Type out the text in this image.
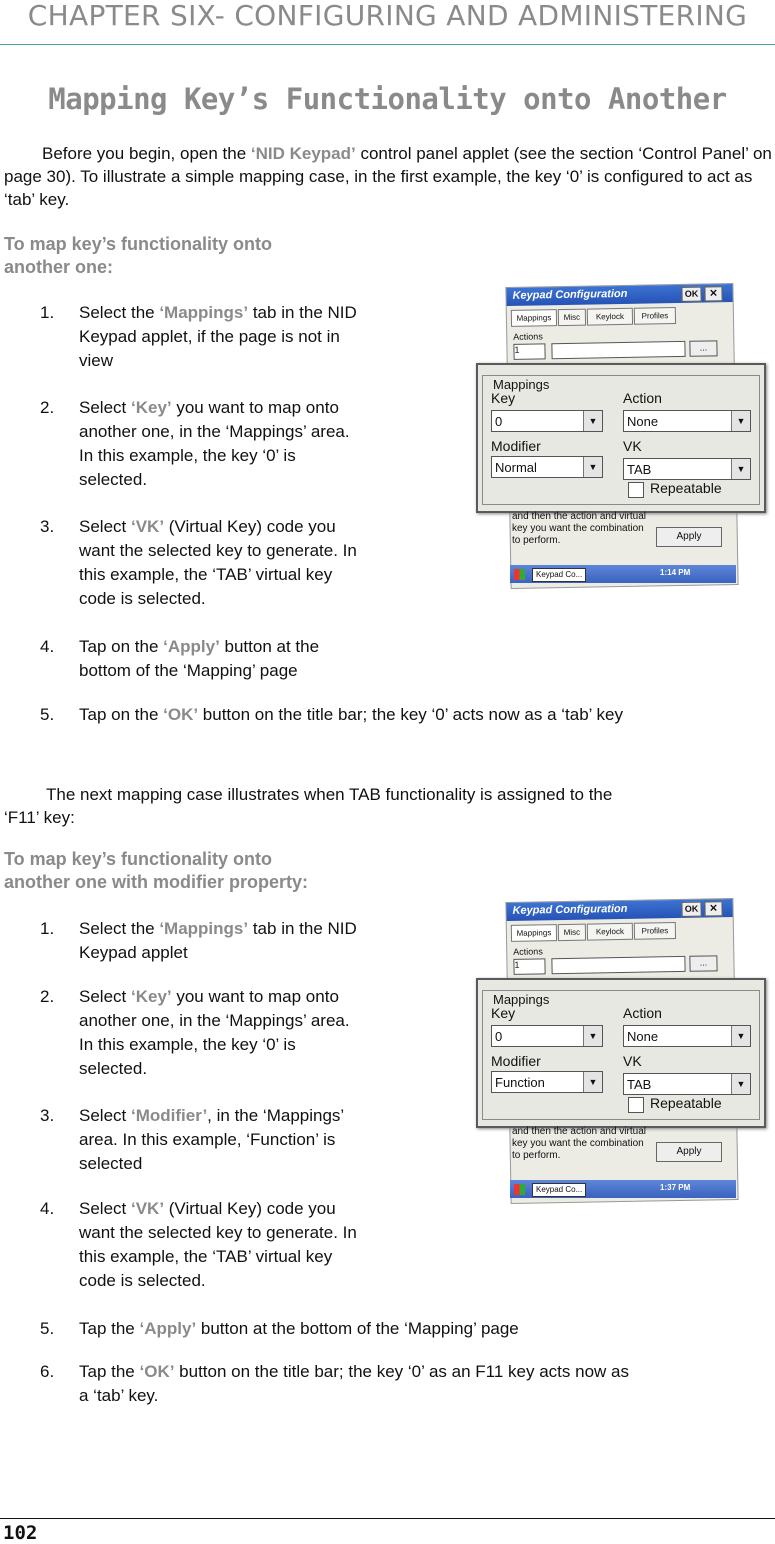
CHAPTER SIX- CONFIGURING AND ADMINISTERING
Mapping Key’s Functionality onto Another

Before you begin, open the ‘NID Keypad’ control panel applet (see the section ‘Control Panel’ on page 30). To illustrate a simple mapping case, in the first example, the key ‘0’ is configured to act as ‘tab’ key.

To map key’s functionality onto
another one:
1. Select the ‘Mappings’ tab in the NID
Keypad applet, if the page is not in
view
2. Select ‘Key’ you want to map onto
another one, in the ‘Mappings’ area.
In this example, the key ‘0’ is
selected.
3. Select ‘VK’ (Virtual Key) code you
want the selected key to generate. In
this example, the ‘TAB’ virtual key
code is selected.
4. Tap on the ‘Apply’ button at the
bottom of the ‘Mapping’ page
5. Tap on the ‘OK’ button on the title bar; the key ‘0’ acts now as a ‘tab’ key

The next mapping case illustrates when TAB functionality is assigned to the
‘F11’ key:

To map key’s functionality onto
another one with modifier property:
1. Select the ‘Mappings’ tab in the NID
Keypad applet
2. Select ‘Key’ you want to map onto
another one, in the ‘Mappings’ area.
In this example, the key ‘0’ is
selected.
3. Select ‘Modifier’, in the ‘Mappings’
area. In this example, ‘Function’ is
selected
4. Select ‘VK’ (Virtual Key) code you
want the selected key to generate. In
this example, the ‘TAB’ virtual key
code is selected.
5. Tap the ‘Apply’ button at the bottom of the ‘Mapping’ page
6. Tap the ‘OK’ button on the title bar; the key ‘0’ as an F11 key acts now as
a ‘tab’ key.
Keypad Configuration	OK	✕
Mappings	Misc	Keylock	Profiles
Actions
1	...
Mappings
Key	Action
0	▼	None	▼
Modifier	VK
Normal	▼	TAB	▼
Repeatable
and then the action and virtual key you want the combination to perform.	Apply
Keypad Co...	1:14 PM
Keypad Configuration	OK	✕
Mappings	Misc	Keylock	Profiles
Actions
1	...
Mappings
Key	Action
0	▼	None	▼
Modifier	VK
Function	▼	TAB	▼
Repeatable
and then the action and virtual key you want the combination to perform.	Apply
Keypad Co...	1:37 PM
102
